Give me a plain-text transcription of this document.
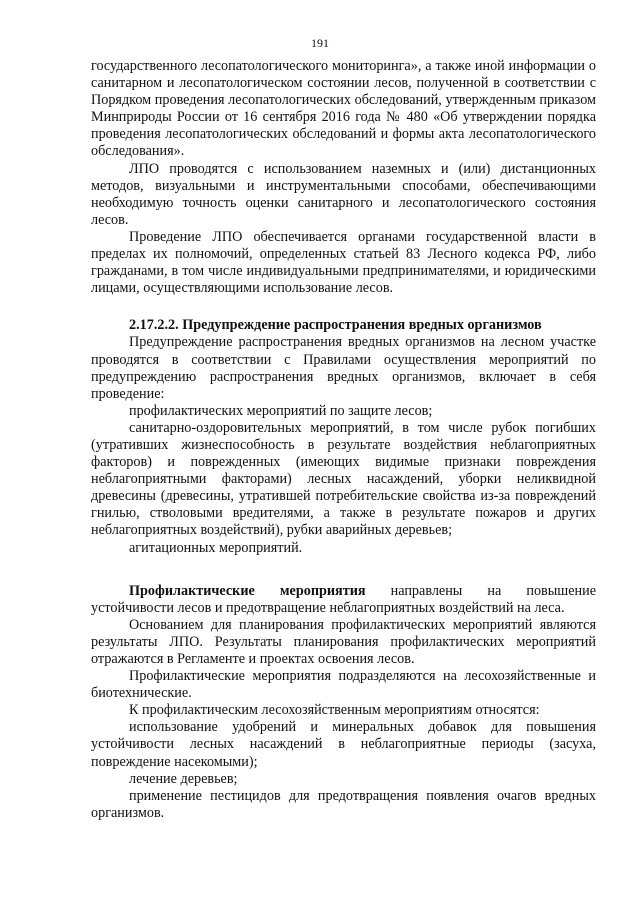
191

государственного лесопатологического мониторинга», а также иной информации о санитарном и лесопатологическом состоянии лесов, полученной в соответствии с Порядком проведения лесопатологических обследований, утвержденным приказом Минприроды России от 16 сентября 2016 года № 480 «Об утверждении порядка проведения лесопатологических обследований и формы акта лесопатологического обследования».

ЛПО проводятся с использованием наземных и (или) дистанционных методов, визуальными и инструментальными способами, обеспечивающими необходимую точность оценки санитарного и лесопатологического состояния лесов.

Проведение ЛПО обеспечивается органами государственной власти в пределах их полномочий, определенных статьей 83 Лесного кодекса РФ, либо гражданами, в том числе индивидуальными предпринимателями, и юридическими лицами, осуществляющими использование лесов.

2.17.2.2. Предупреждение распространения вредных организмов

Предупреждение распространения вредных организмов на лесном участке проводятся в соответствии с Правилами осуществления мероприятий по предупреждению распространения вредных организмов, включает в себя проведение:

профилактических мероприятий по защите лесов;

санитарно-оздоровительных мероприятий, в том числе рубок погибших (утративших жизнеспособность в результате воздействия неблагоприятных факторов) и поврежденных (имеющих видимые признаки повреждения неблагоприятными факторами) лесных насаждений, уборки неликвидной древесины (древесины, утратившей потребительские свойства из-за повреждений гнилью, стволовыми вредителями, а также в результате пожаров и других неблагоприятных воздействий), рубки аварийных деревьев;

агитационных мероприятий.

Профилактические мероприятия направлены на повышение устойчивости лесов и предотвращение неблагоприятных воздействий на леса.

Основанием для планирования профилактических мероприятий являются результаты ЛПО. Результаты планирования профилактических мероприятий отражаются в Регламенте и проектах освоения лесов.

Профилактические мероприятия подразделяются на лесохозяйственные и биотехнические.

К профилактическим лесохозяйственным мероприятиям относятся:

использование удобрений и минеральных добавок для повышения устойчивости лесных насаждений в неблагоприятные периоды (засуха, повреждение насекомыми);

лечение деревьев;

применение пестицидов для предотвращения появления очагов вредных организмов.
